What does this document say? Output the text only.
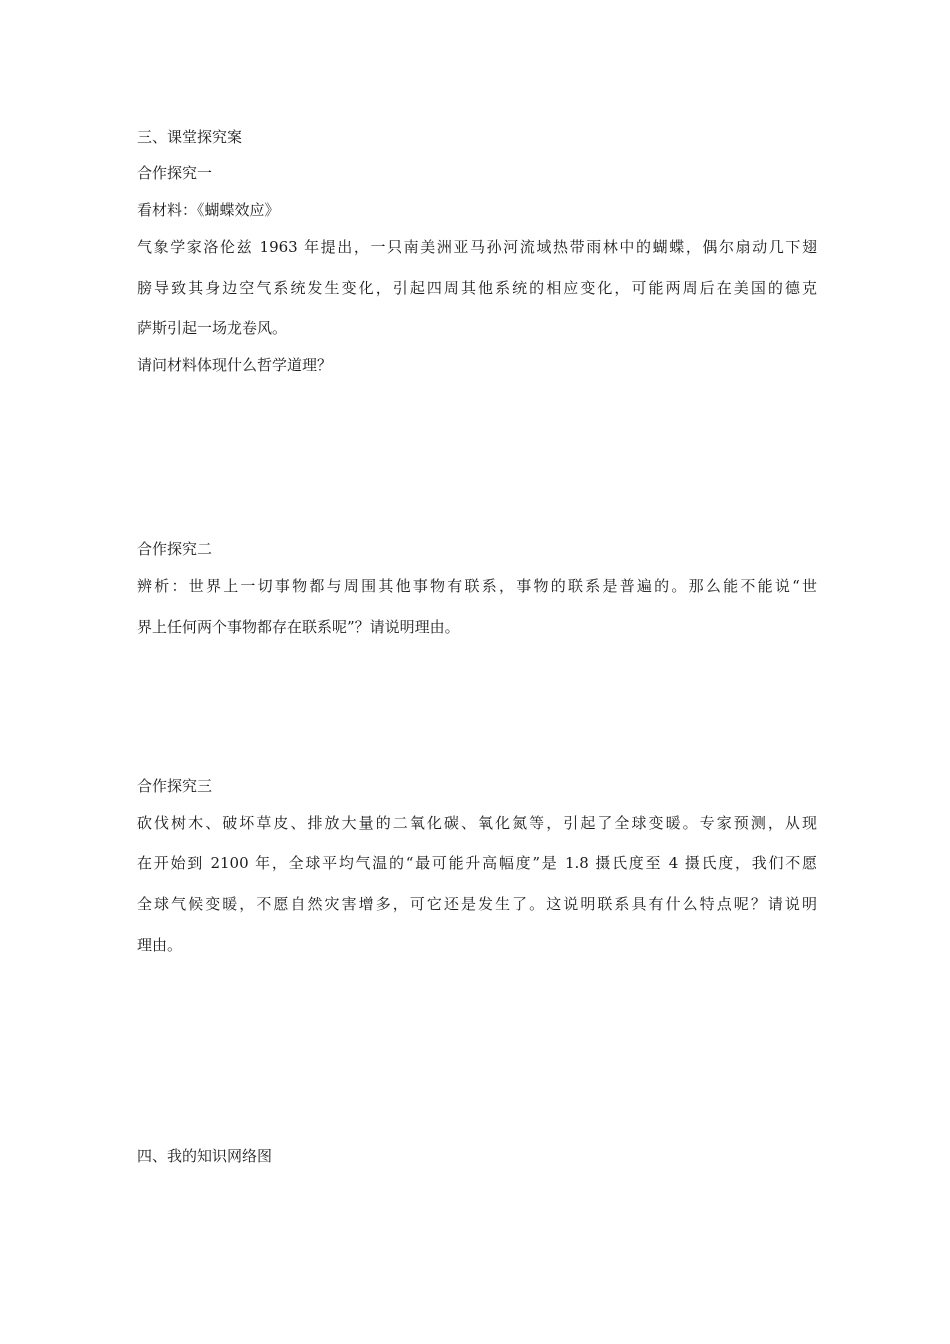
三、课堂探究案
合作探究一
看材料：《蝴蝶效应》
气象学家洛伦兹 1963 年提出，一只南美洲亚马孙河流域热带雨林中的蝴蝶，偶尔扇动几下翅
膀导致其身边空气系统发生变化，引起四周其他系统的相应变化，可能两周后在美国的德克
萨斯引起一场龙卷风。
请问材料体现什么哲学道理？
合作探究二
辨析：世界上一切事物都与周围其他事物有联系，事物的联系是普遍的。那么能不能说“世
界上任何两个事物都存在联系呢”？请说明理由。
合作探究三
砍伐树木、破坏草皮、排放大量的二氧化碳、氧化氮等，引起了全球变暖。专家预测，从现
在开始到 2100 年，全球平均气温的“最可能升高幅度”是 1.8 摄氏度至 4 摄氏度，我们不愿
全球气候变暖，不愿自然灾害增多，可它还是发生了。这说明联系具有什么特点呢？请说明
理由。
四、我的知识网络图
